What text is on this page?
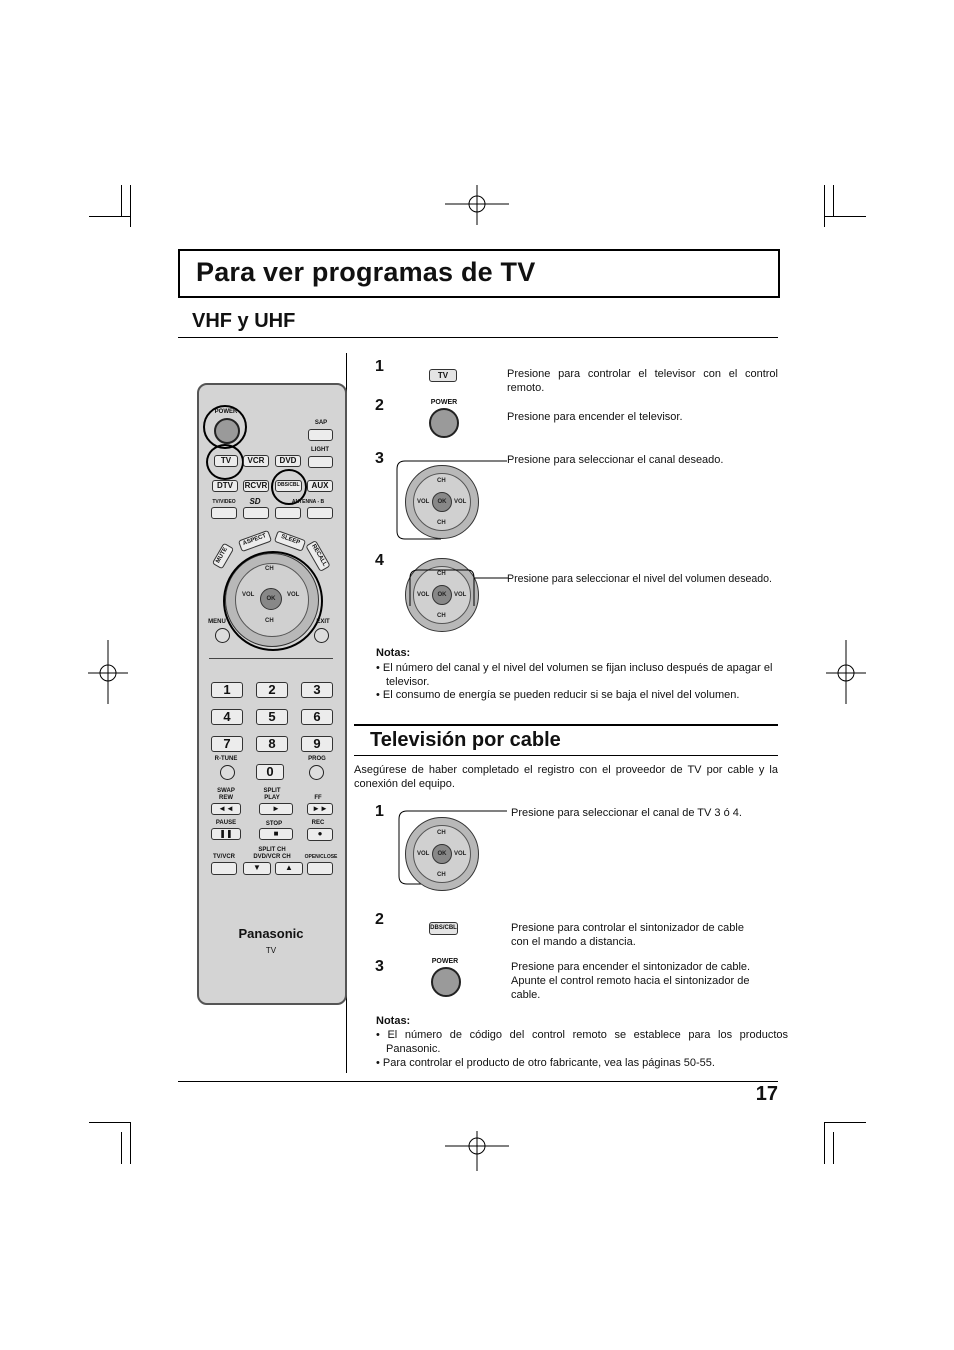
Para ver programas de TV
VHF y UHF
POWER
SAP
LIGHT
TV	VCR	DVD
DTV	RCVR	DBS/CBL	AUX
TV/VIDEO	SD	ANTENNA - B
MUTE
ASPECT	SLEEP
RECALL
OK
CH
CH
VOL	VOL
MENU	EXIT
1	2	3
4	5	6
7	8	9
R-TUNE	PROG
0
SWAP
REW
SPLIT
PLAY	FF
◄◄	►	►►
PAUSE	STOP	REC
❚❚	■	●
SPLIT CH
TV/VCR	DVD/VCR CH	OPEN/CLOSE
▼	▲
Panasonic
TV
1
TV	Presione para controlar el televisor con el control remoto.
2	POWER
Presione para encender el televisor.
3
OK
CH
CH
VOL	VOL
Presione para seleccionar el canal deseado.
4
OK
CH
CH
VOL	VOL
Presione para seleccionar el nivel del volumen deseado.
Notas:
• El número del canal y el nivel del volumen se fijan incluso después de apagar el televisor.
• El consumo de energía se pueden reducir si se baja el nivel del volumen.
Televisión por cable
Asegúrese de haber completado el registro con el proveedor de TV por cable y la conexión del equipo.
1
OK
CH
CH
VOL	VOL
Presione para seleccionar el canal de TV 3 ó 4.
2	DBS/CBL	Presione para controlar el sintonizador de cable con el mando a distancia.
3	POWER	Presione para encender el sintonizador de cable. Apunte el control remoto hacia el sintonizador de cable.
Notas:
• El número de código del control remoto se establece para los productos Panasonic.
• Para controlar el producto de otro fabricante, vea las páginas 50-55.
17
